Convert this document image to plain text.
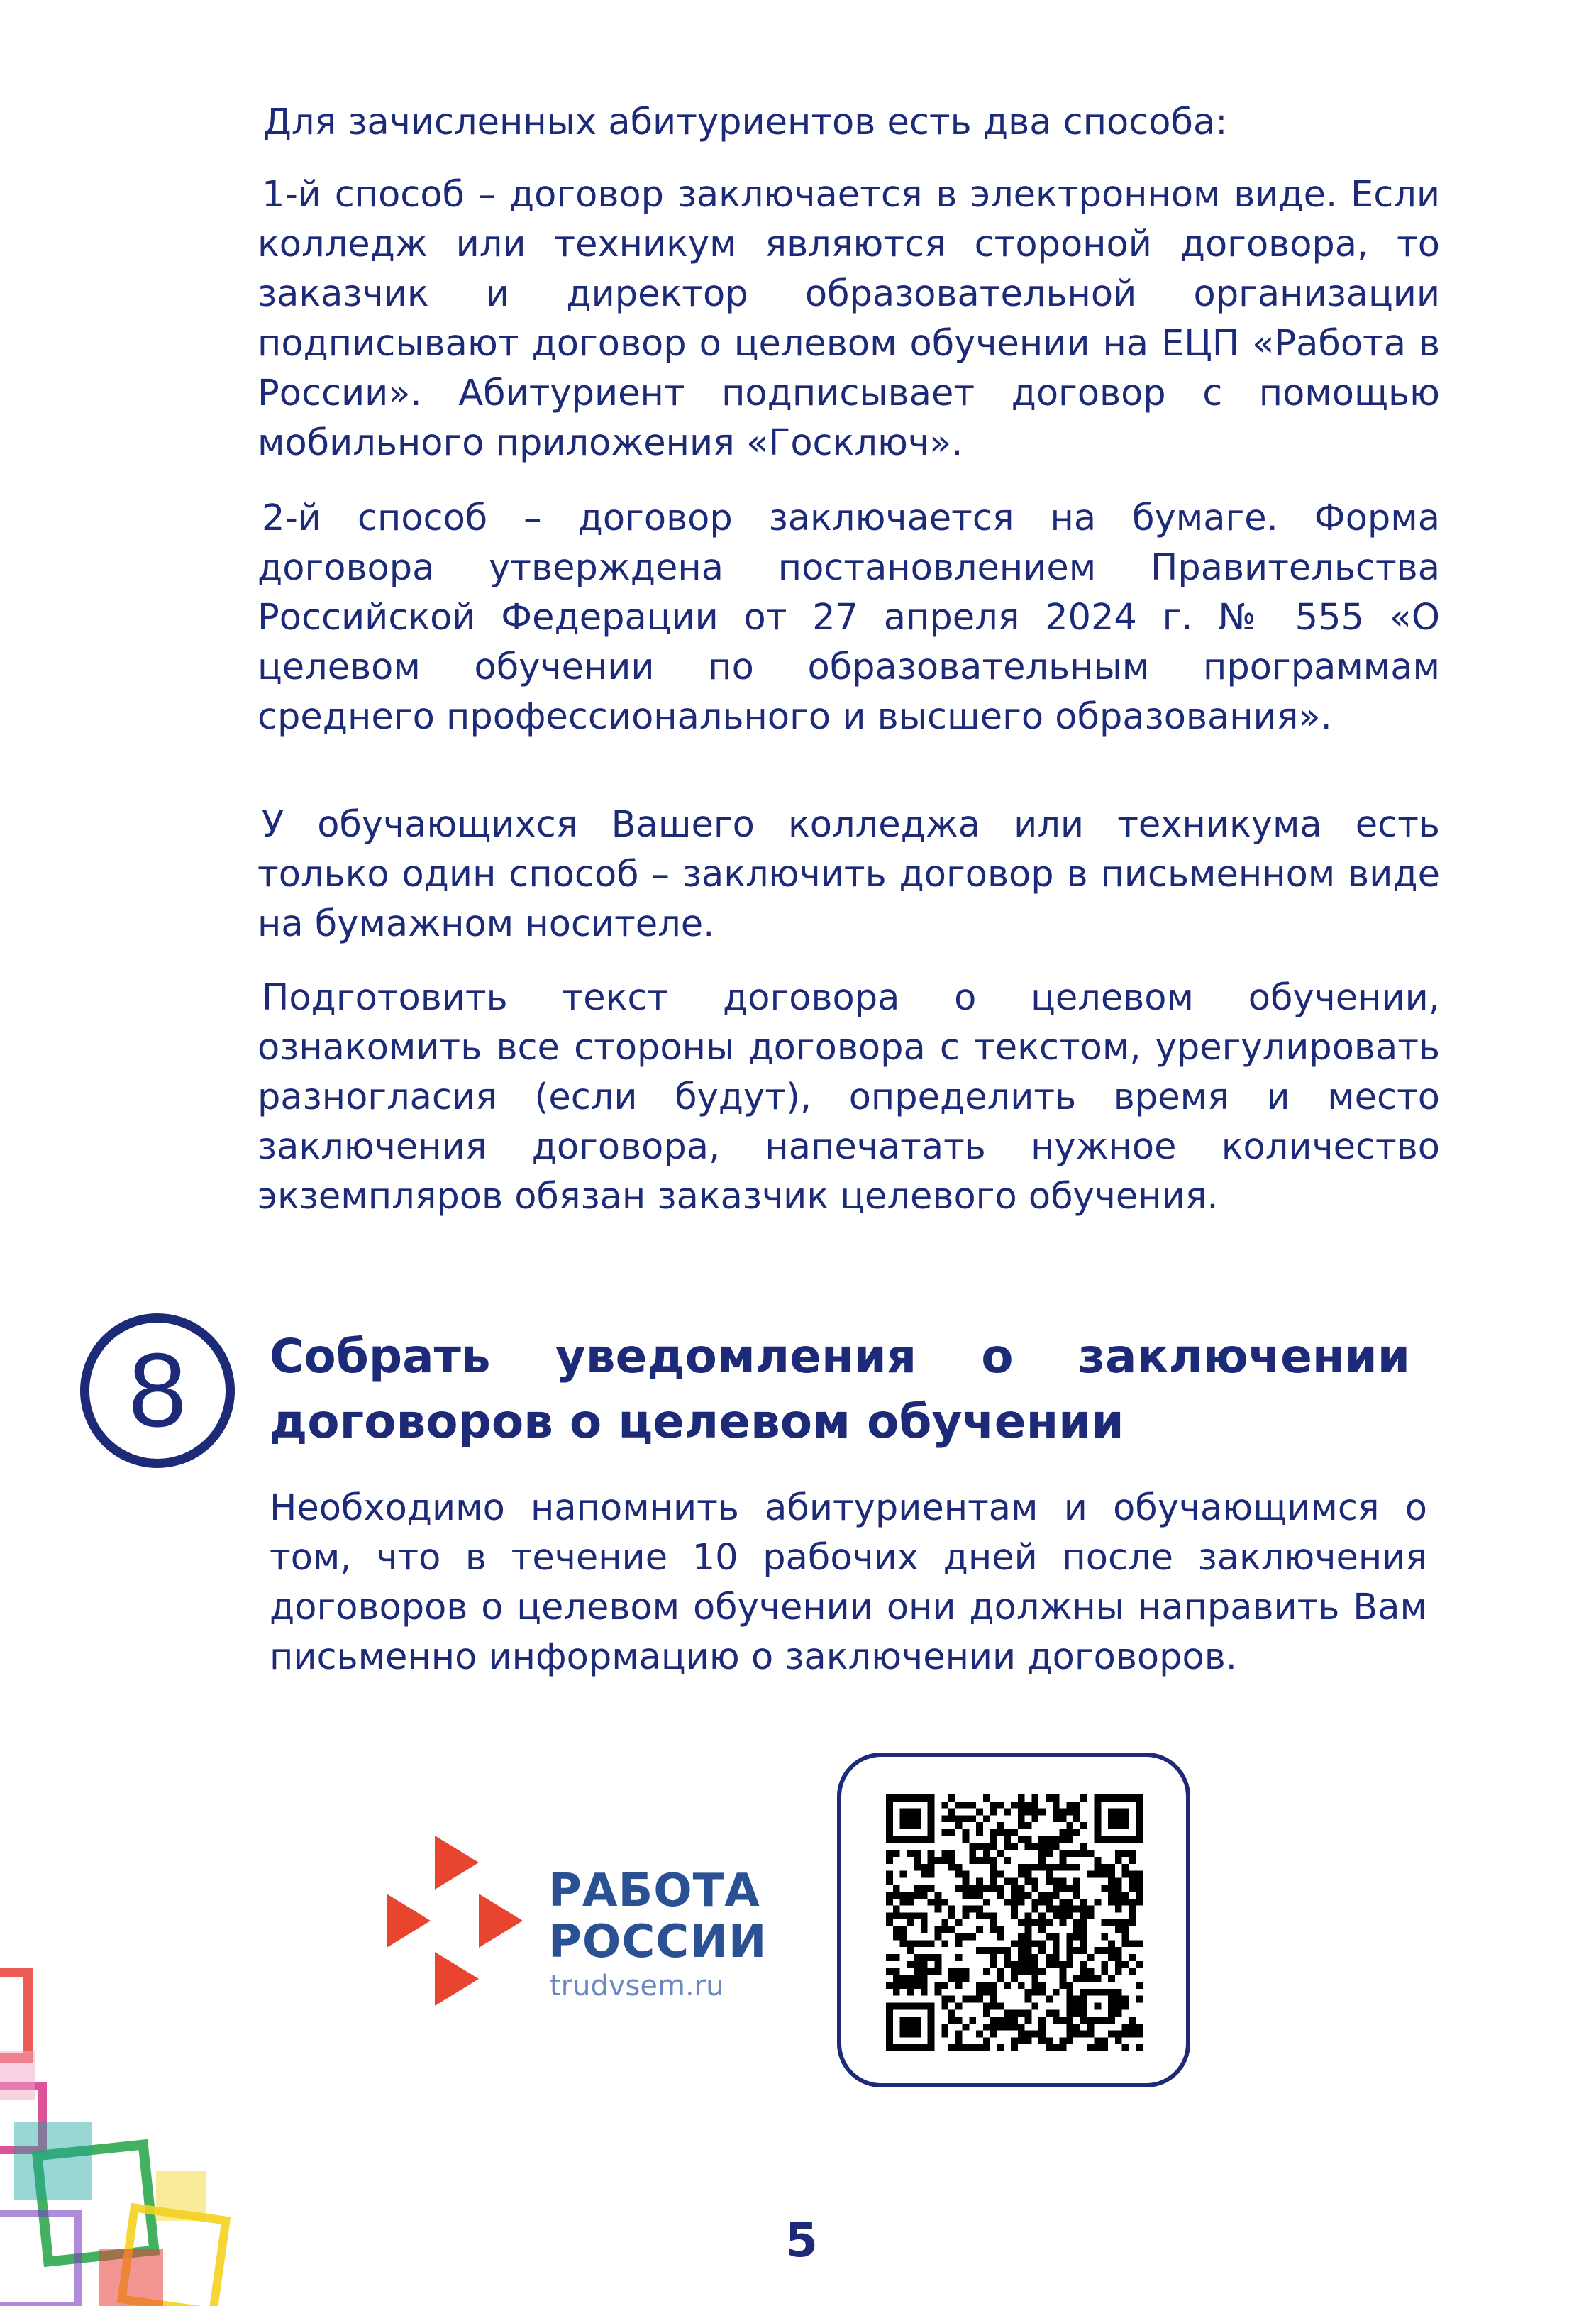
Для зачисленных абитуриентов есть два способа:

1-й способ – договор заключается в электронном виде. Если колледж или техникум являются стороной договора, то заказчик и директор образовательной организации подписывают договор о целевом обучении на ЕЦП «Работа в России». Абитуриент подписывает договор с помощью мобильного приложения «Госключ».

2-й способ – договор заключается на бумаге. Форма договора утверждена постановлением Правительства Российской Федерации от 27 апреля 2024 г. № 555 «О целевом обучении по образовательным программам среднего профессионального и высшего образования».

У обучающихся Вашего колледжа или техникума есть только один способ – заключить договор в письменном виде на бумажном носителе.

Подготовить текст договора о целевом обучении, ознакомить все стороны договора с текстом, урегулировать разногласия (если будут), определить время и место заключения договора, напечатать нужное количество экземпляров обязан заказчик целевого обучения.

8 Собрать уведомления о заключении договоров о целевом обучении

Необходимо напомнить абитуриентам и обучающимся о том, что в течение 10 рабочих дней после заключения договоров о целевом обучении они должны направить Вам письменно информацию о заключении договоров.

РАБОТА
РОССИИ
trudvsem.ru
5
